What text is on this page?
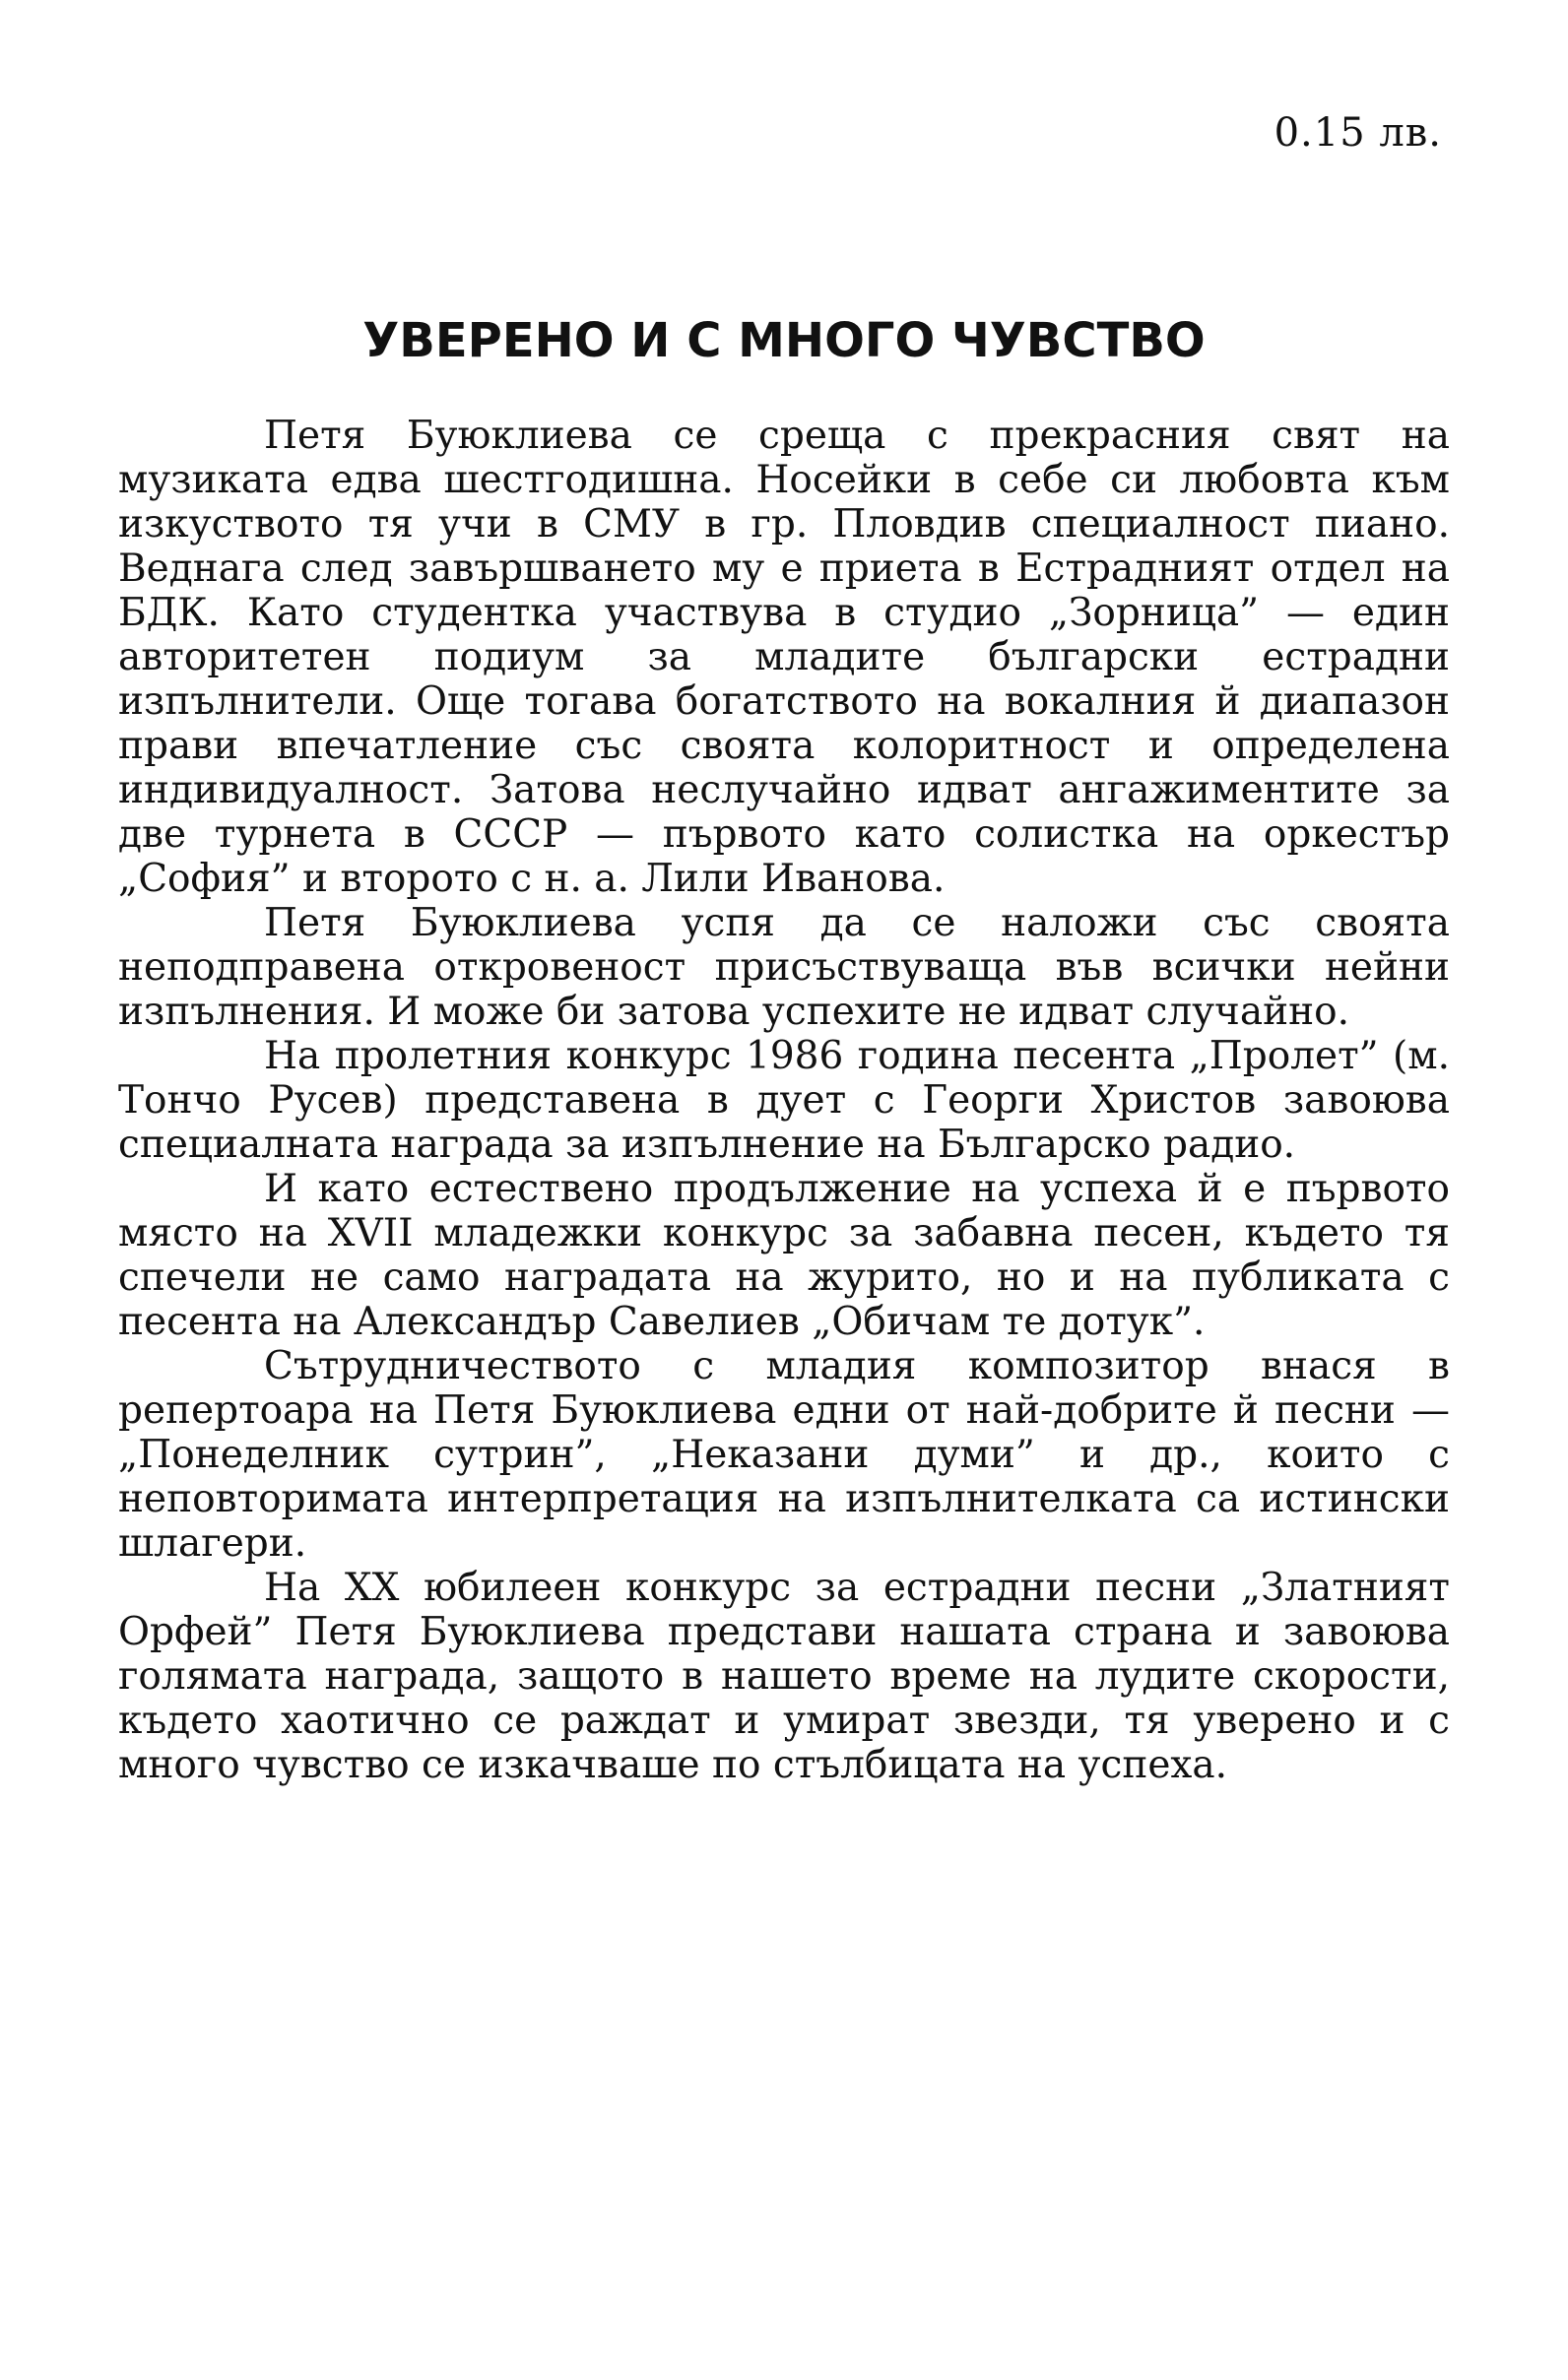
0.15 лв.
УВЕРЕНО И С МНОГО ЧУВСТВО

Петя Буюклиева се среща с прекрасния свят на музиката едва шестгодишна. Носейки в себе си любовта към изкуството тя учи в СМУ в гр. Пловдив специалност пиано. Веднага след завършването му е приета в Естрадният отдел на БДК. Като студентка участвува в студио „Зорница” — един авторитетен подиум за младите български естрадни изпълнители. Още тогава богатството на вокалния й диапазон прави впечатление със своята колоритност и определена индивидуалност. Затова неслучайно идват ангажиментите за две турнета в СССР — първото като солистка на оркестър „София” и второто с н. а. Лили Иванова.

Петя Буюклиева успя да се наложи със своята неподправена откровеност присъствуваща във всички нейни изпълнения. И може би затова успехите не идват случайно.

На пролетния конкурс 1986 година песента „Пролет” (м. Тончо Русев) представена в дует с Георги Христов завоюва специалната награда за изпълнение на Българско радио.

И като естествено продължение на успеха й е първото място на XVII младежки конкурс за забавна песен, където тя спечели не само наградата на журито, но и на публиката с песента на Александър Савелиев „Обичам те дотук”.

Сътрудничеството с младия композитор внася в репертоара на Петя Буюклиева едни от най-добрите й песни — „Понеделник сутрин”, „Неказани думи” и др., които с неповторимата интерпретация на изпълнителката са истински шлагери.

На XX юбилеен конкурс за естрадни песни „Златният Орфей” Петя Буюклиева представи нашата страна и завоюва голямата награда, защото в нашето време на лудите скорости, където хаотично се раждат и умират звезди, тя уверено и с много чувство се изкачваше по стълбицата на успеха.
